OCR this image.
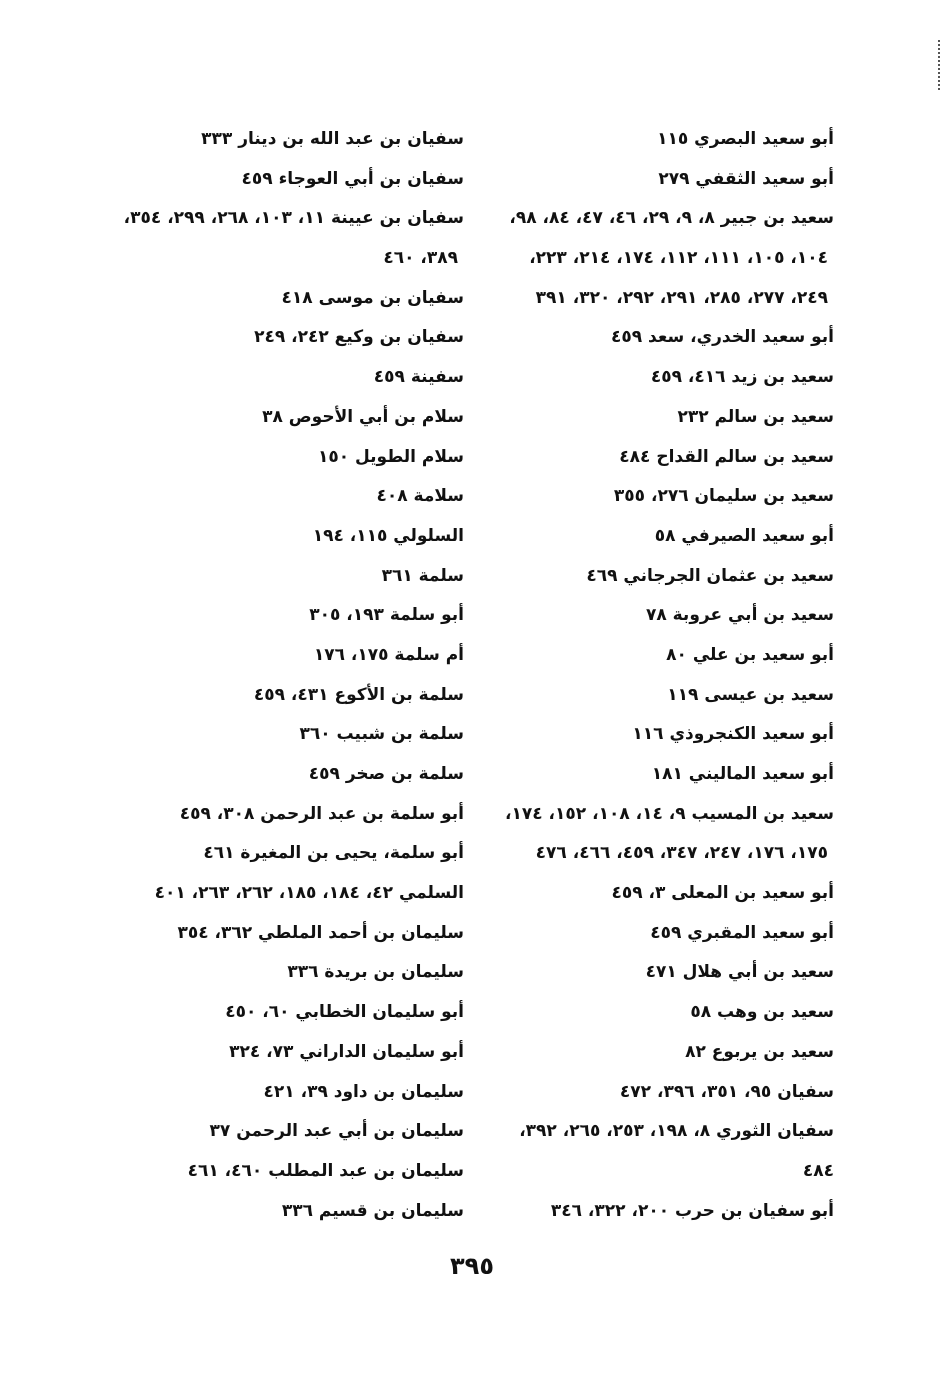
أبو سعيد البصري ١١٥
أبو سعيد الثقفي ٢٧٩
سعيد بن جبير ٨، ٩، ٢٩، ٤٦، ٤٧، ٨٤، ٩٨،
١٠٤، ١٠٥، ١١١، ١١٢، ١٧٤، ٢١٤، ٢٢٣،
٢٤٩، ٢٧٧، ٢٨٥، ٢٩١، ٢٩٢، ٣٢٠، ٣٩١
أبو سعيد الخدري، سعد ٤٥٩
سعيد بن زيد ٤١٦، ٤٥٩
سعيد بن سالم ٢٣٢
سعيد بن سالم القداح ٤٨٤
سعيد بن سليمان ٢٧٦، ٣٥٥
أبو سعيد الصيرفي ٥٨
سعيد بن عثمان الجرجاني ٤٦٩
سعيد بن أبي عروبة ٧٨
أبو سعيد بن علي ٨٠
سعيد بن عيسى ١١٩
أبو سعيد الكنجروذي ١١٦
أبو سعيد الماليني ١٨١
سعيد بن المسيب ٩، ١٤، ١٠٨، ١٥٢، ١٧٤،
١٧٥، ١٧٦، ٢٤٧، ٣٤٧، ٤٥٩، ٤٦٦، ٤٧٦
أبو سعيد بن المعلى ٣، ٤٥٩
أبو سعيد المقبري ٤٥٩
سعيد بن أبي هلال ٤٧١
سعيد بن وهب ٥٨
سعيد بن يربوع ٨٢
سفيان ٩٥، ٣٥١، ٣٩٦، ٤٧٢
سفيان الثوري ٨، ١٩٨، ٢٥٣، ٢٦٥، ٣٩٢،
٤٨٤
أبو سفيان بن حرب ٢٠٠، ٣٢٢، ٣٤٦
سفيان بن عبد الله بن دينار ٣٣٣
سفيان بن أبي العوجاء ٤٥٩
سفيان بن عيينة ١١، ١٠٣، ٢٦٨، ٢٩٩، ٣٥٤،
٣٨٩، ٤٦٠
سفيان بن موسى ٤١٨
سفيان بن وكيع ٢٤٢، ٢٤٩
سفينة ٤٥٩
سلام بن أبي الأحوص ٣٨
سلام الطويل ١٥٠
سلامة ٤٠٨
السلولي ١١٥، ١٩٤
سلمة ٣٦١
أبو سلمة ١٩٣، ٣٠٥
أم سلمة ١٧٥، ١٧٦
سلمة بن الأكوع ٤٣١، ٤٥٩
سلمة بن شبيب ٣٦٠
سلمة بن صخر ٤٥٩
أبو سلمة بن عبد الرحمن ٣٠٨، ٤٥٩
أبو سلمة، يحيى بن المغيرة ٤٦١
السلمي ٤٢، ١٨٤، ١٨٥، ٢٦٢، ٢٦٣، ٤٠١
سليمان بن أحمد الملطي ٣٦٢، ٣٥٤
سليمان بن بريدة ٣٣٦
أبو سليمان الخطابي ٦٠، ٤٥٠
أبو سليمان الداراني ٧٣، ٣٢٤
سليمان بن داود ٣٩، ٤٢١
سليمان بن أبي عبد الرحمن ٣٧
سليمان بن عبد المطلب ٤٦٠، ٤٦١
سليمان بن قسيم ٣٣٦
٣٩٥
